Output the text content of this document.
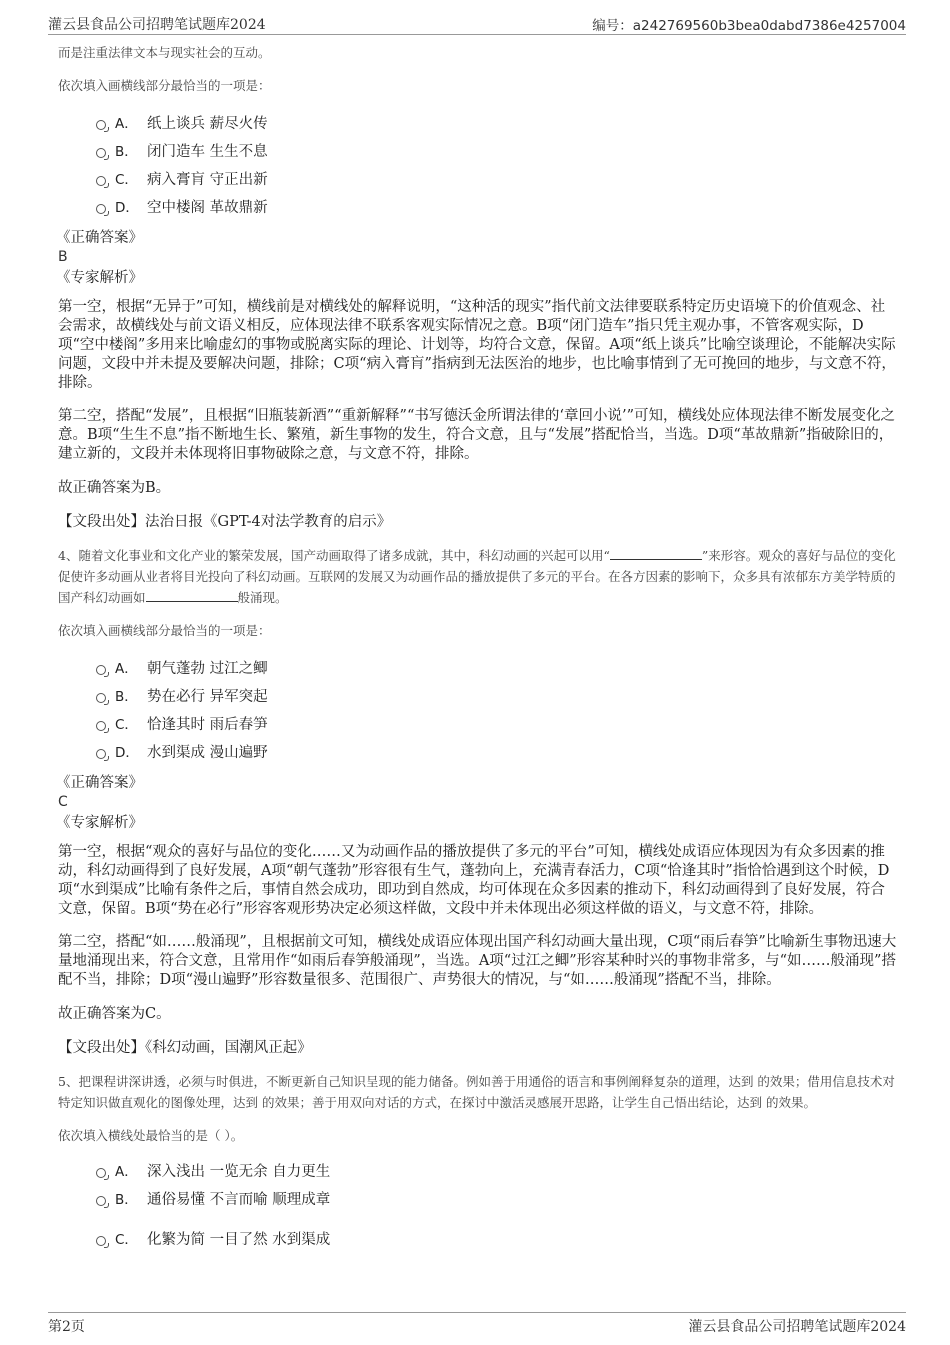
灌云县食品公司招聘笔试题库2024	编号：a242769560b3bea0dabd7386e4257004
而是注重法律文本与现实社会的互动。
依次填入画横线部分最恰当的一项是：
A． 纸上谈兵 薪尽火传
B． 闭门造车 生生不息
C． 病入膏肓 守正出新
D． 空中楼阁 革故鼎新
《正确答案》
B
《专家解析》
第一空，根据“无异于”可知，横线前是对横线处的解释说明，“这种活的现实”指代前文法律要联系特定历史语境下的价值观念、社会需求，故横线处与前文语义相反，应体现法律不联系客观实际情况之意。B项“闭门造车”指只凭主观办事，不管客观实际，D项“空中楼阁”多用来比喻虚幻的事物或脱离实际的理论、计划等，均符合文意，保留。A项“纸上谈兵”比喻空谈理论，不能解决实际问题，文段中并未提及要解决问题，排除；C项“病入膏肓”指病到无法医治的地步，也比喻事情到了无可挽回的地步，与文意不符，排除。
第二空，搭配“发展”，且根据“旧瓶装新酒”“重新解释”“书写德沃金所谓法律的‘章回小说’”可知，横线处应体现法律不断发展变化之意。B项“生生不息”指不断地生长、繁殖，新生事物的发生，符合文意，且与“发展”搭配恰当，当选。D项“革故鼎新”指破除旧的，建立新的，文段并未体现将旧事物破除之意，与文意不符，排除。
故正确答案为B。
【文段出处】法治日报《GPT-4对法学教育的启示》
4、随着文化事业和文化产业的繁荣发展，国产动画取得了诸多成就，其中，科幻动画的兴起可以用“	”来形容。观众的喜好与品位的变化促使许多动画从业者将目光投向了科幻动画。互联网的发展又为动画作品的播放提供了多元的平台。在各方因素的影响下，众多具有浓郁东方美学特质的国产科幻动画如	般涌现。
依次填入画横线部分最恰当的一项是：
A． 朝气蓬勃 过江之鲫
B． 势在必行 异军突起
C． 恰逢其时 雨后春笋
D． 水到渠成 漫山遍野
《正确答案》
C
《专家解析》
第一空，根据“观众的喜好与品位的变化……又为动画作品的播放提供了多元的平台”可知，横线处成语应体现因为有众多因素的推动，科幻动画得到了良好发展，A项“朝气蓬勃”形容很有生气，蓬勃向上，充满青春活力，C项“恰逢其时”指恰恰遇到这个时候，D项“水到渠成”比喻有条件之后，事情自然会成功，即功到自然成，均可体现在众多因素的推动下，科幻动画得到了良好发展，符合文意，保留。B项“势在必行”形容客观形势决定必须这样做，文段中并未体现出必须这样做的语义，与文意不符，排除。
第二空，搭配“如……般涌现”，且根据前文可知，横线处成语应体现出国产科幻动画大量出现，C项“雨后春笋”比喻新生事物迅速大量地涌现出来，符合文意，且常用作“如雨后春笋般涌现”，当选。A项“过江之鲫”形容某种时兴的事物非常多，与“如……般涌现”搭配不当，排除；D项“漫山遍野”形容数量很多、范围很广、声势很大的情况，与“如……般涌现”搭配不当，排除。
故正确答案为C。
【文段出处】《科幻动画，国潮风正起》
5、把课程讲深讲透，必须与时俱进，不断更新自己知识呈现的能力储备。例如善于用通俗的语言和事例阐释复杂的道理，达到 的效果；借用信息技术对特定知识做直观化的图像处理，达到 的效果；善于用双向对话的方式，在探讨中激活灵感展开思路，让学生自己悟出结论，达到 的效果。
依次填入横线处最恰当的是（ ）。
A． 深入浅出 一览无余 自力更生
B． 通俗易懂 不言而喻 顺理成章
C． 化繁为简 一目了然 水到渠成
第2页	灌云县食品公司招聘笔试题库2024
